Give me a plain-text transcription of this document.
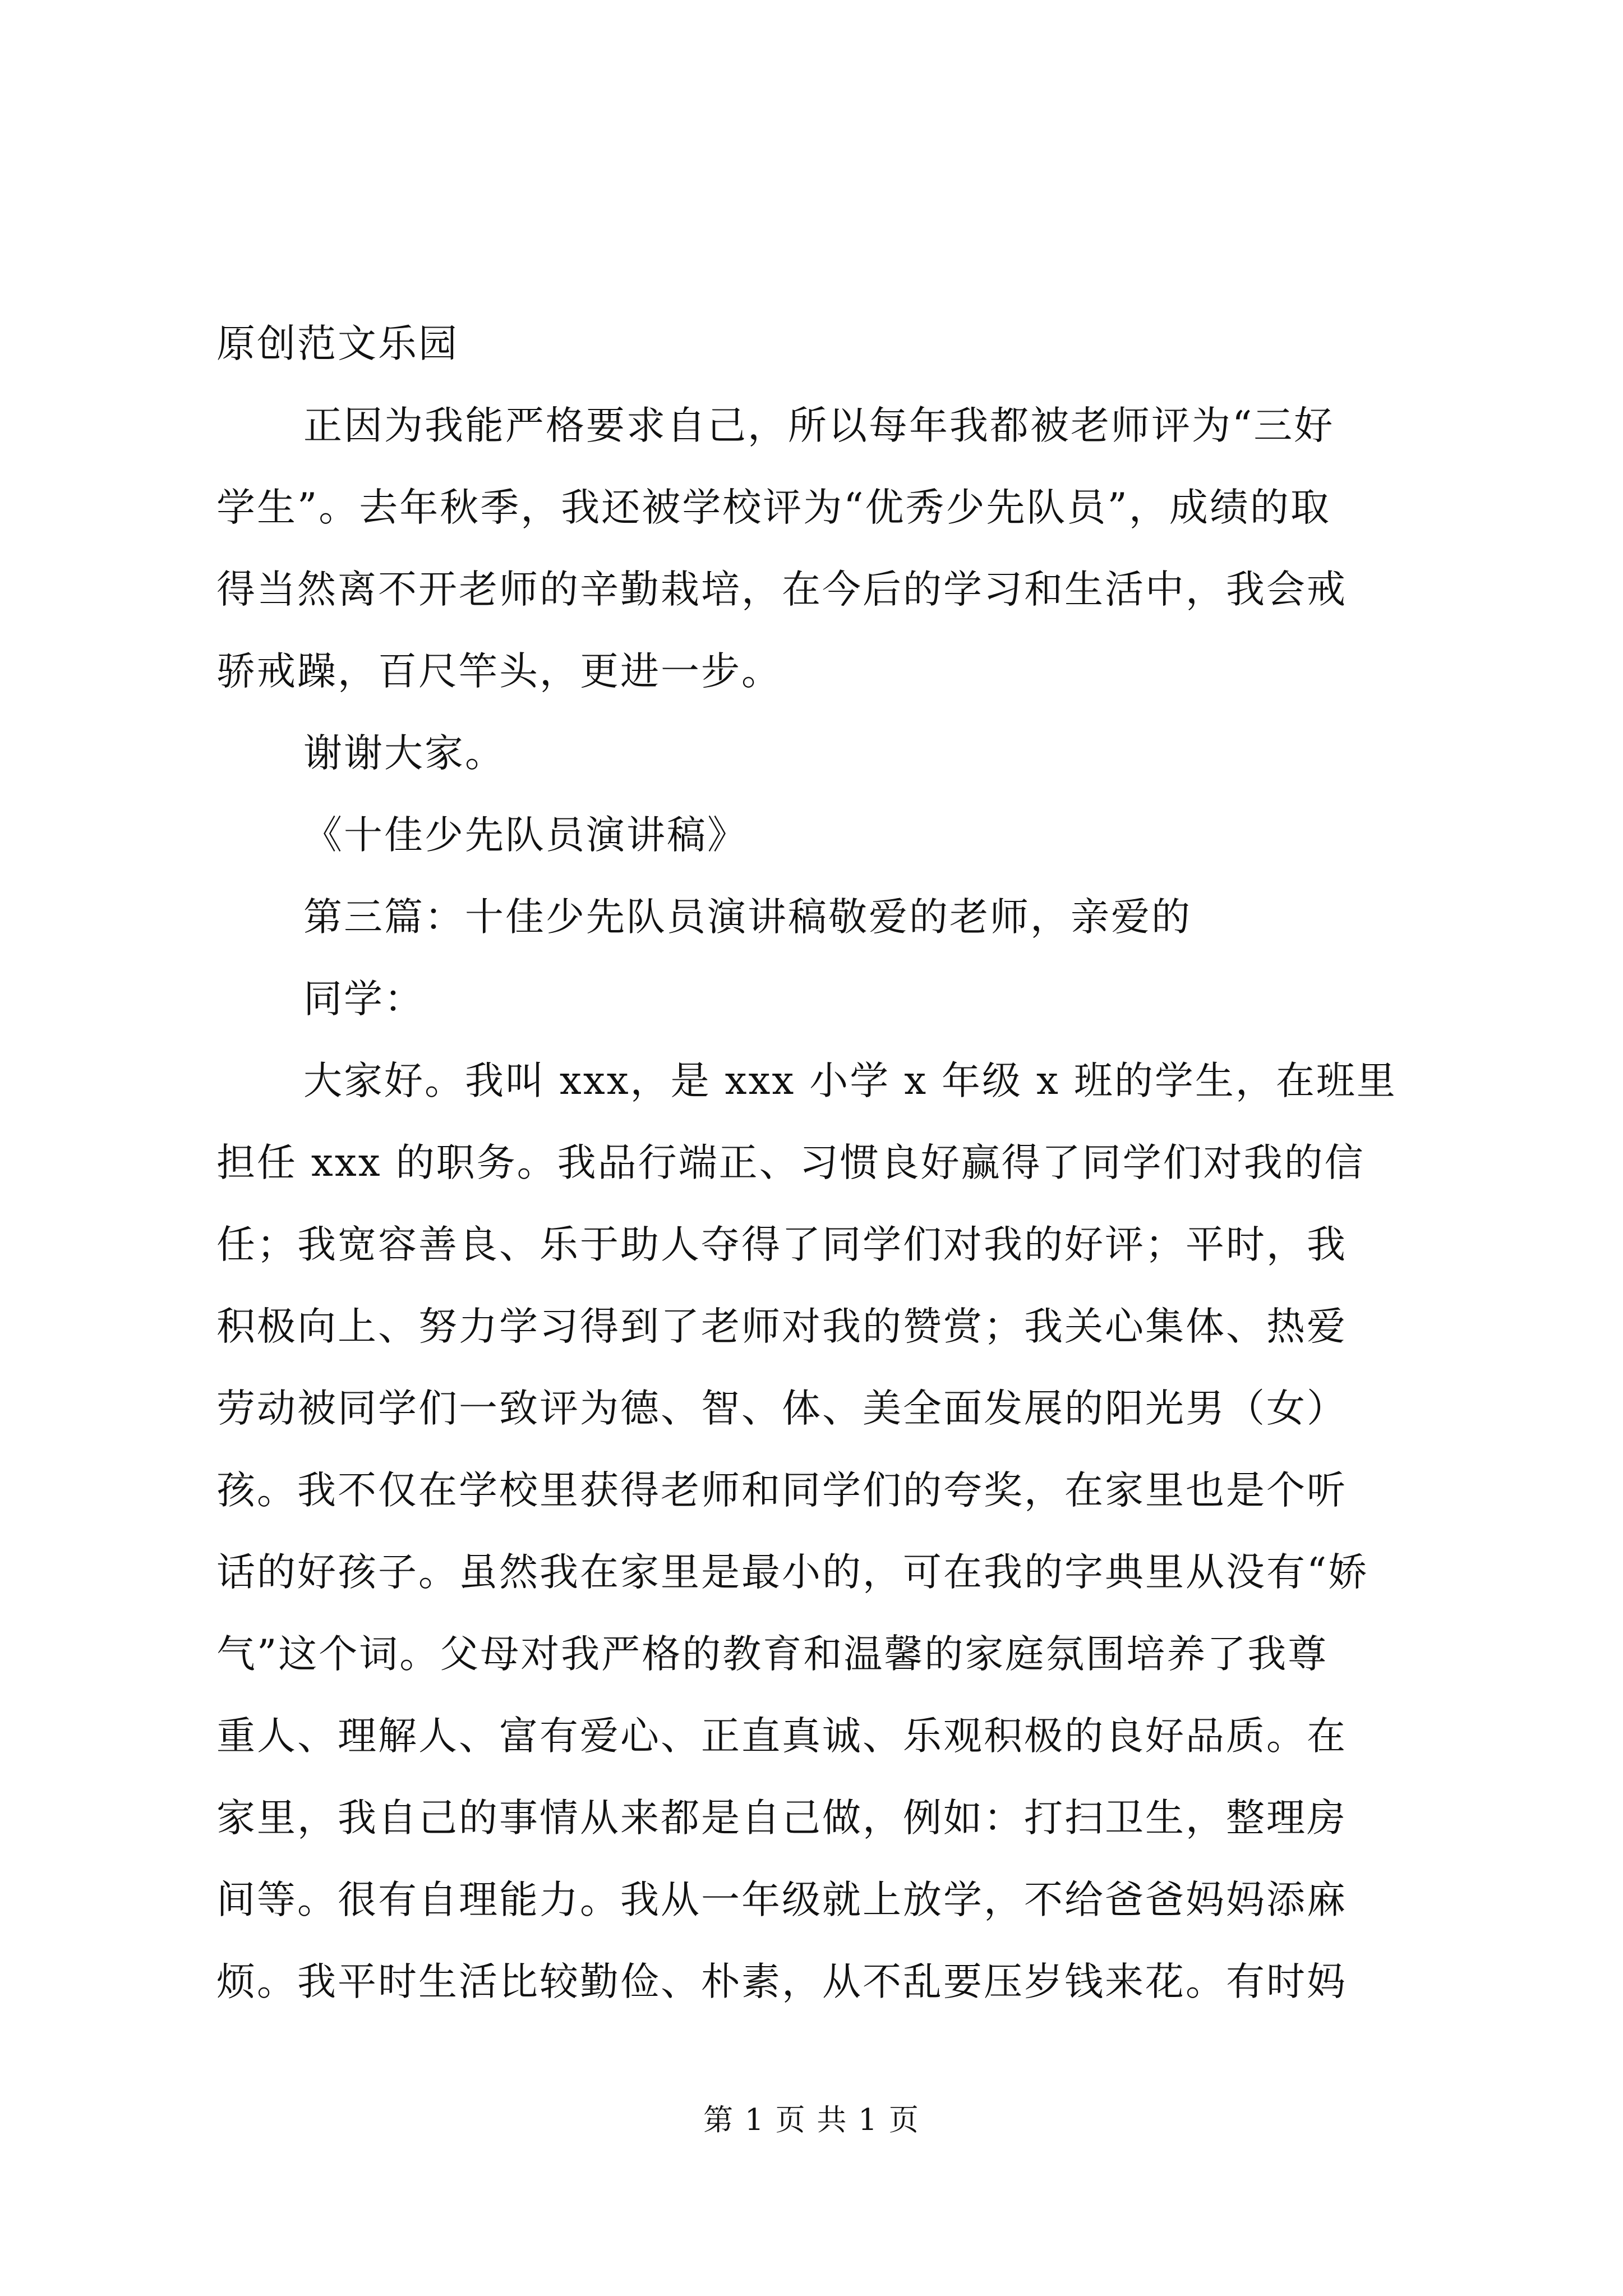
原创范文乐园
正因为我能严格要求自己，所以每年我都被老师评为“三好
学生”。去年秋季，我还被学校评为“优秀少先队员”，成绩的取
得当然离不开老师的辛勤栽培，在今后的学习和生活中，我会戒
骄戒躁，百尺竿头，更进一步。
谢谢大家。
《十佳少先队员演讲稿》
第三篇：十佳少先队员演讲稿敬爱的老师，亲爱的
同学：
大家好。我叫 xxx，是 xxx 小学 x 年级 x 班的学生，在班里
担任 xxx 的职务。我品行端正、习惯良好赢得了同学们对我的信
任；我宽容善良、乐于助人夺得了同学们对我的好评；平时，我
积极向上、努力学习得到了老师对我的赞赏；我关心集体、热爱
劳动被同学们一致评为德、智、体、美全面发展的阳光男（女）
孩。我不仅在学校里获得老师和同学们的夸奖，在家里也是个听
话的好孩子。虽然我在家里是最小的，可在我的字典里从没有“娇
气”这个词。父母对我严格的教育和温馨的家庭氛围培养了我尊
重人、理解人、富有爱心、正直真诚、乐观积极的良好品质。在
家里，我自己的事情从来都是自己做，例如：打扫卫生，整理房
间等。很有自理能力。我从一年级就上放学，不给爸爸妈妈添麻
烦。我平时生活比较勤俭、朴素，从不乱要压岁钱来花。有时妈
第 1 页 共 1 页
